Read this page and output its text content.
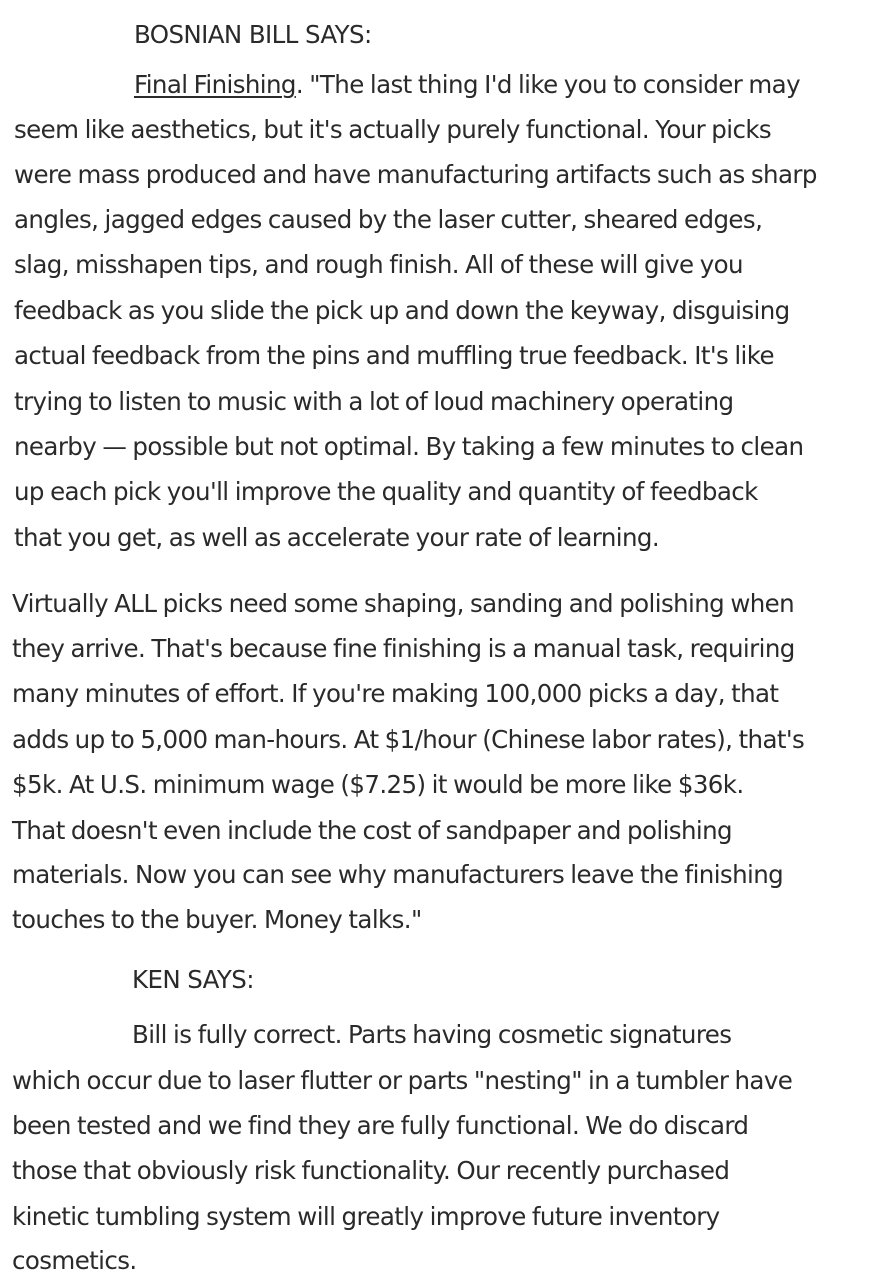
BOSNIAN BILL SAYS:
Final Finishing. "The last thing I'd like you to consider may
seem like aesthetics, but it's actually purely functional. Your picks
were mass produced and have manufacturing artifacts such as sharp
angles, jagged edges caused by the laser cutter, sheared edges,
slag, misshapen tips, and rough finish. All of these will give you
feedback as you slide the pick up and down the keyway, disguising
actual feedback from the pins and muffling true feedback. It's like
trying to listen to music with a lot of loud machinery operating
nearby — possible but not optimal. By taking a few minutes to clean
up each pick you'll improve the quality and quantity of feedback
that you get, as well as accelerate your rate of learning.
Virtually ALL picks need some shaping, sanding and polishing when
they arrive. That's because fine finishing is a manual task, requiring
many minutes of effort. If you're making 100,000 picks a day, that
adds up to 5,000 man-hours. At $1/hour (Chinese labor rates), that's
$5k. At U.S. minimum wage ($7.25) it would be more like $36k.
That doesn't even include the cost of sandpaper and polishing
materials. Now you can see why manufacturers leave the finishing
touches to the buyer. Money talks."
KEN SAYS:
Bill is fully correct. Parts having cosmetic signatures
which occur due to laser flutter or parts "nesting" in a tumbler have
been tested and we find they are fully functional. We do discard
those that obviously risk functionality. Our recently purchased
kinetic tumbling system will greatly improve future inventory
cosmetics.
